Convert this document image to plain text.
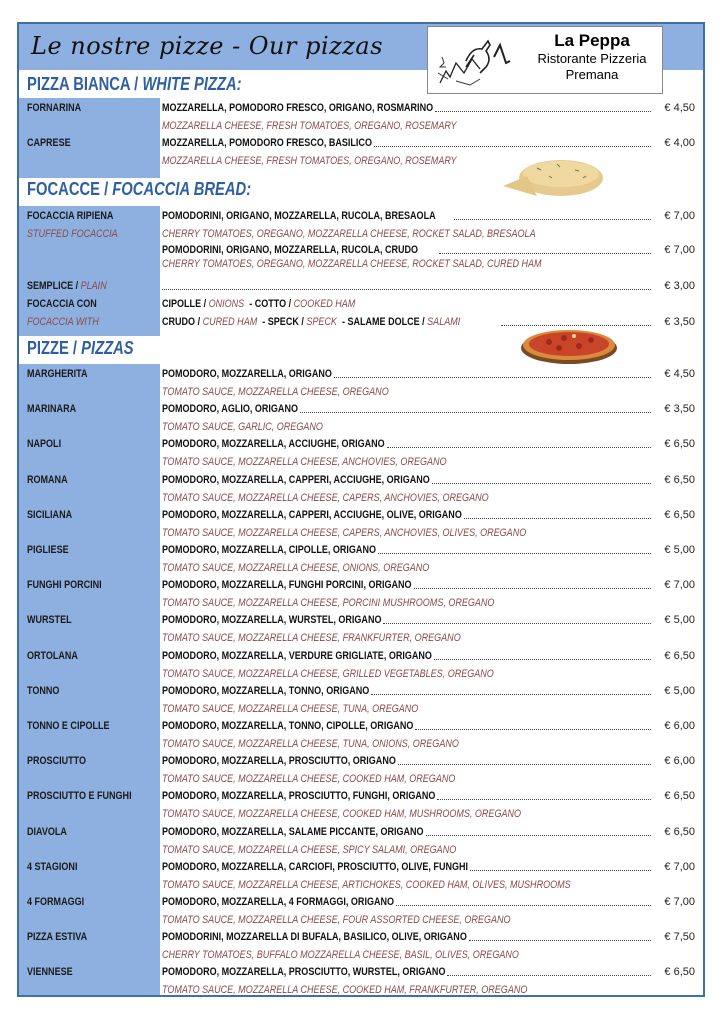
Le nostre pizze - Our pizzas	La Peppa
Ristorante Pizzeria
Premana
PIZZA BIANCA / WHITE PIZZA:
FORNARINA	MOZZARELLA, POMODORO FRESCO, ORIGANO, ROSMARINO	€ 4,50
MOZZARELLA CHEESE, FRESH TOMATOES, OREGANO, ROSEMARY
CAPRESE	MOZZARELLA, POMODORO FRESCO, BASILICO	€ 4,00
MOZZARELLA CHEESE, FRESH TOMATOES, OREGANO, ROSEMARY
FOCACCE / FOCACCIA BREAD:
FOCACCIA RIPIENA	POMODORINI, ORIGANO, MOZZARELLA, RUCOLA, BRESAOLA	€ 7,00
STUFFED FOCACCIA	CHERRY TOMATOES, OREGANO, MOZZARELLA CHEESE, ROCKET SALAD, BRESAOLA
POMODORINI, ORIGANO, MOZZARELLA, RUCOLA, CRUDO	€ 7,00
CHERRY TOMATOES, OREGANO, MOZZARELLA CHEESE, ROCKET SALAD, CURED HAM
SEMPLICE / PLAIN	€ 3,00
FOCACCIA CON	CIPOLLE / ONIONS  - COTTO / COOKED HAM
FOCACCIA WITH	CRUDO / CURED HAM  - SPECK / SPECK  - SALAME DOLCE / SALAMI	€ 3,50
PIZZE / PIZZAS
MARGHERITA	POMODORO, MOZZARELLA, ORIGANO	€ 4,50
TOMATO SAUCE, MOZZARELLA CHEESE, OREGANO
MARINARA	POMODORO, AGLIO, ORIGANO	€ 3,50
TOMATO SAUCE, GARLIC, OREGANO
NAPOLI	POMODORO, MOZZARELLA, ACCIUGHE, ORIGANO	€ 6,50
TOMATO SAUCE, MOZZARELLA CHEESE, ANCHOVIES, OREGANO
ROMANA	POMODORO, MOZZARELLA, CAPPERI, ACCIUGHE, ORIGANO	€ 6,50
TOMATO SAUCE, MOZZARELLA CHEESE, CAPERS, ANCHOVIES, OREGANO
SICILIANA	POMODORO, MOZZARELLA, CAPPERI, ACCIUGHE, OLIVE, ORIGANO	€ 6,50
TOMATO SAUCE, MOZZARELLA CHEESE, CAPERS, ANCHOVIES, OLIVES, OREGANO
PIGLIESE	POMODORO, MOZZARELLA, CIPOLLE, ORIGANO	€ 5,00
TOMATO SAUCE, MOZZARELLA CHEESE, ONIONS, OREGANO
FUNGHI PORCINI	POMODORO, MOZZARELLA, FUNGHI PORCINI, ORIGANO	€ 7,00
TOMATO SAUCE, MOZZARELLA CHEESE, PORCINI MUSHROOMS, OREGANO
WURSTEL	POMODORO, MOZZARELLA, WURSTEL, ORIGANO	€ 5,00
TOMATO SAUCE, MOZZARELLA CHEESE, FRANKFURTER, OREGANO
ORTOLANA	POMODORO, MOZZARELLA, VERDURE GRIGLIATE, ORIGANO	€ 6,50
TOMATO SAUCE, MOZZARELLA CHEESE, GRILLED VEGETABLES, OREGANO
TONNO	POMODORO, MOZZARELLA, TONNO, ORIGANO	€ 5,00
TOMATO SAUCE, MOZZARELLA CHEESE, TUNA, OREGANO
TONNO E CIPOLLE	POMODORO, MOZZARELLA, TONNO, CIPOLLE, ORIGANO	€ 6,00
TOMATO SAUCE, MOZZARELLA CHEESE, TUNA, ONIONS, OREGANO
PROSCIUTTO	POMODORO, MOZZARELLA, PROSCIUTTO, ORIGANO	€ 6,00
TOMATO SAUCE, MOZZARELLA CHEESE, COOKED HAM, OREGANO
PROSCIUTTO E FUNGHI	POMODORO, MOZZARELLA, PROSCIUTTO, FUNGHI, ORIGANO	€ 6,50
TOMATO SAUCE, MOZZARELLA CHEESE, COOKED HAM, MUSHROOMS, OREGANO
DIAVOLA	POMODORO, MOZZARELLA, SALAME PICCANTE, ORIGANO	€ 6,50
TOMATO SAUCE, MOZZARELLA CHEESE, SPICY SALAMI, OREGANO
4 STAGIONI	POMODORO, MOZZARELLA, CARCIOFI, PROSCIUTTO, OLIVE, FUNGHI	€ 7,00
TOMATO SAUCE, MOZZARELLA CHEESE, ARTICHOKES, COOKED HAM, OLIVES, MUSHROOMS
4 FORMAGGI	POMODORO, MOZZARELLA, 4 FORMAGGI, ORIGANO	€ 7,00
TOMATO SAUCE, MOZZARELLA CHEESE, FOUR ASSORTED CHEESE, OREGANO
PIZZA ESTIVA	POMODORINI, MOZZARELLA DI BUFALA, BASILICO, OLIVE, ORIGANO	€ 7,50
CHERRY TOMATOES, BUFFALO MOZZARELLA CHEESE, BASIL, OLIVES, OREGANO
VIENNESE	POMODORO, MOZZARELLA, PROSCIUTTO, WURSTEL, ORIGANO	€ 6,50
TOMATO SAUCE, MOZZARELLA CHEESE, COOKED HAM, FRANKFURTER, OREGANO
